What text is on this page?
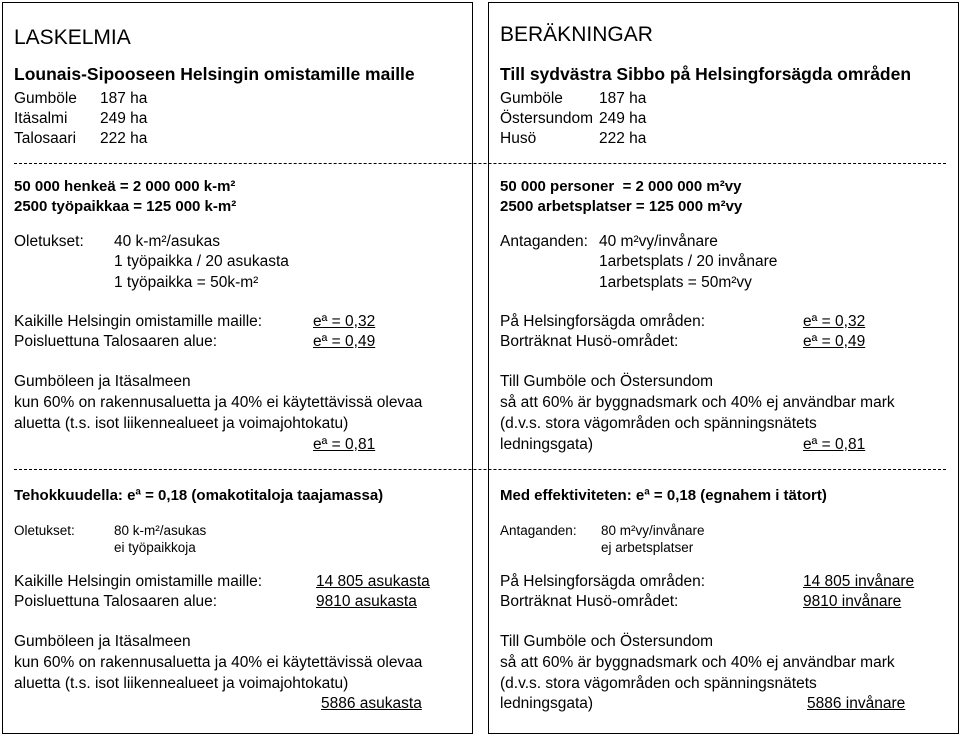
LASKELMIA
Lounais-Sipooseen Helsingin omistamille maille
Gumböle 187 ha
Itäsalmi 249 ha
Talosaari 222 ha
50 000 henkeä = 2 000 000 k-m²
2500 työpaikkaa = 125 000 k-m²
Oletukset: 40 k-m²/asukas
1 työpaikka / 20 asukasta
1 työpaikka = 50k-m²
Kaikille Helsingin omistamille maille:	eª = 0,32
Poisluettuna Talosaaren alue:	eª = 0,49
Gumböleen ja Itäsalmeen
kun 60% on rakennusaluetta ja 40% ei käytettävissä olevaa
aluetta (t.s. isot liikennealueet ja voimajohtokatu)
eª = 0,81
Tehokkuudella: eª = 0,18 (omakotitaloja taajamassa)
Oletukset:	80 k-m²/asukas
ei työpaikkoja
Kaikille Helsingin omistamille maille:	14 805 asukasta
Poisluettuna Talosaaren alue:	9810 asukasta
Gumböleen ja Itäsalmeen
kun 60% on rakennusaluetta ja 40% ei käytettävissä olevaa
aluetta (t.s. isot liikennealueet ja voimajohtokatu)
5886 asukasta
BERÄKNINGAR
Till sydvästra Sibbo på Helsingforsägda områden
Gumböle 187 ha
Östersundom 249 ha
Husö	222 ha
50 000 personer  = 2 000 000 m²vy
2500 arbetsplatser = 125 000 m²vy
Antaganden: 40 m²vy/invånare
1arbetsplats / 20 invånare
1arbetsplats = 50m²vy
På Helsingforsägda områden:	eª = 0,32
Borträknat Husö-området:	eª = 0,49
Till Gumböle och Östersundom
så att 60% är byggnadsmark och 40% ej användbar mark
(d.v.s. stora vägområden och spänningsnätets
ledningsgata)	eª = 0,81
Med effektiviteten: eª = 0,18 (egnahem i tätort)
Antaganden: 80 m²vy/invånare
ej arbetsplatser
På Helsingforsägda områden:	14 805 invånare
Borträknat Husö-området:	9810 invånare
Till Gumböle och Östersundom
så att 60% är byggnadsmark och 40% ej användbar mark
(d.v.s. stora vägområden och spänningsnätets
ledningsgata)	5886 invånare
